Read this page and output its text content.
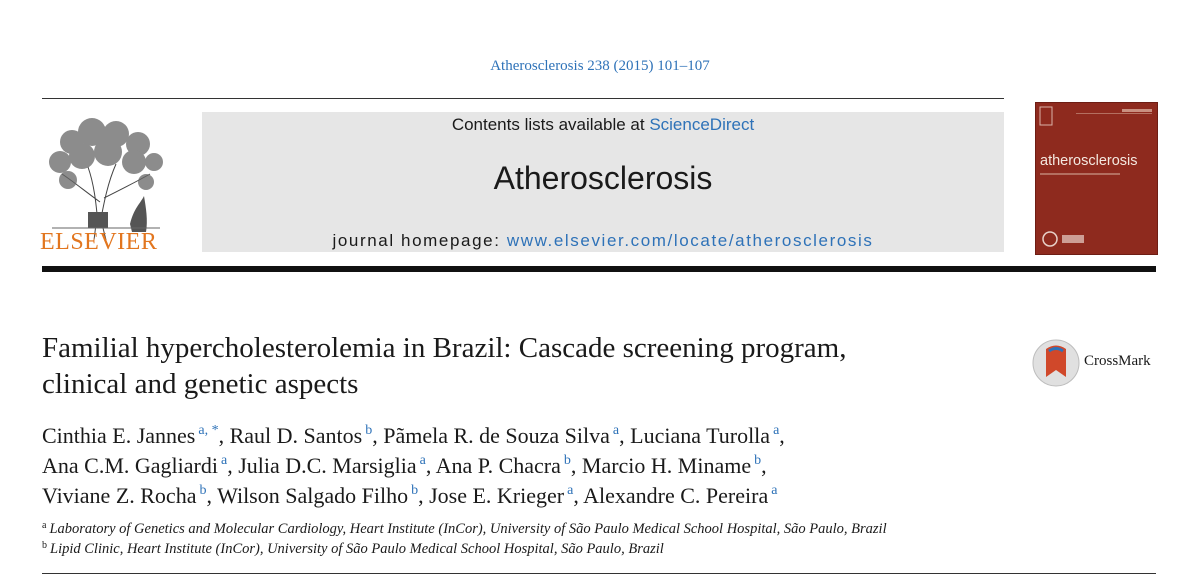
Atherosclerosis 238 (2015) 101–107
ELSEVIER
Contents lists available at ScienceDirect
Atherosclerosis
journal homepage: www.elsevier.com/locate/atherosclerosis
atherosclerosis
Familial hypercholesterolemia in Brazil: Cascade screening program,
clinical and genetic aspects
CrossMark
Cinthia E. Jannes $^{a, *}$, Raul D. Santos $^b$, Pãmela R. de Souza Silva $^a$, Luciana Turolla $^a$,
Ana C.M. Gagliardi $^a$, Julia D.C. Marsiglia $^a$, Ana P. Chacra $^b$, Marcio H. Miname $^b$,
Viviane Z. Rocha $^b$, Wilson Salgado Filho $^b$, Jose E. Krieger $^a$, Alexandre C. Pereira $^a$
$^a$ Laboratory of Genetics and Molecular Cardiology, Heart Institute (InCor), University of São Paulo Medical School Hospital, São Paulo, Brazil
$^b$ Lipid Clinic, Heart Institute (InCor), University of São Paulo Medical School Hospital, São Paulo, Brazil
